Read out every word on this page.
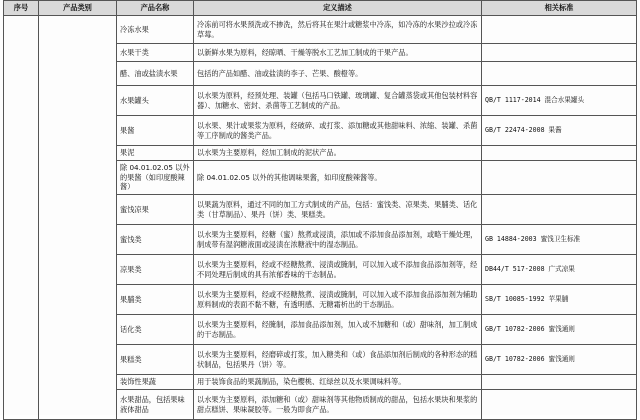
序号	产品类别	产品名称	定义描述	相关标准
		冷冻水果	冷冻前可将水果预洗或不掺洗，然后将其在果汁或糖浆中冷冻，如冷冻的水果沙拉或冷冻草莓。	
		水果干类	以新鲜水果为原料，经晾晒、干燥等脱水工艺加工制成的干果产品。	
		醋、油或盐渍水果	包括的产品如醋、油或盐渍的李子、芒果、酸橙等。	
		水果罐头	以水果为原料，经预处理、装罐（包括马口铁罐、玻璃罐、复合罐蒸袋或其他包装材料容器）、加糖水、密封、杀菌等工艺制成的产品。	QB/T 1117-2014 混合水果罐头
		果酱	以水果、果汁或果浆为原料，经破碎、或打浆、添加糖或其他甜味料、浓缩、装罐、杀菌等工序制成的酱类产品。	GB/T 22474-2008 果酱
		果泥	以水果为主要原料，经加工制成的泥状产品。	
		除 04.01.02.05 以外的果酱（如印度酸辣酱）	除 04.01.02.05 以外的其他调味果酱，如印度酸辣酱等。	
		蜜饯凉果	以果蔬为原料，通过不同的加工方式制成的产品，包括：蜜饯类、凉果类、果脯类、话化类（甘草制品）、果丹（饼）类、果糕类。	
		蜜饯类	以水果为主要原料，经糖（蜜）熬煮或浸渍，添加或不添加食品添加剂，或略干燥处理，制成带有湿润糖液面或浸渍在浓糖液中的湿态制品。	GB 14884-2003 蜜饯卫生标准
		凉果类	以水果为主要原料，经或不经糖熬煮、浸渍或腌制，可以加入或不添加食品添加剂等，经不同处理后制成的具有浓郁香味的干态制品。	DB44/T 517-2008 广式凉果
		果脯类	以水果为主要原料，经或不经糖熬煮、浸渍或腌制，可以加入或不添加食品添加剂为辅助原料制成的表面不黏不糖，有透明感、无糖霜析出的干态制品。	SB/T 10085-1992 苹果脯
		话化类	以水果为主要原料，经腌制，添加食品添加剂，加入或不加糖和（或）甜味剂，加工制成的干态制品。	GB/T 10782-2006 蜜饯通则
		果糕类	以水果为主要原料，经磨碎或打浆，加入糖类和（或）食品添加剂后制成的各种形态的糕状制品，包括果丹（饼）等。	GB/T 10782-2006 蜜饯通则
		装饰性果蔬	用于装饰食品的果蔬制品，染色樱桃、红绿丝以及水果调味料等。	
		水果甜品，包括果味液体甜品	以水果为主要原料，添加糖和（或）甜味剂等其他物质制成的甜品，包括水果块和果浆的甜点糕饼、果味凝胶等。一般为即食产品。	
